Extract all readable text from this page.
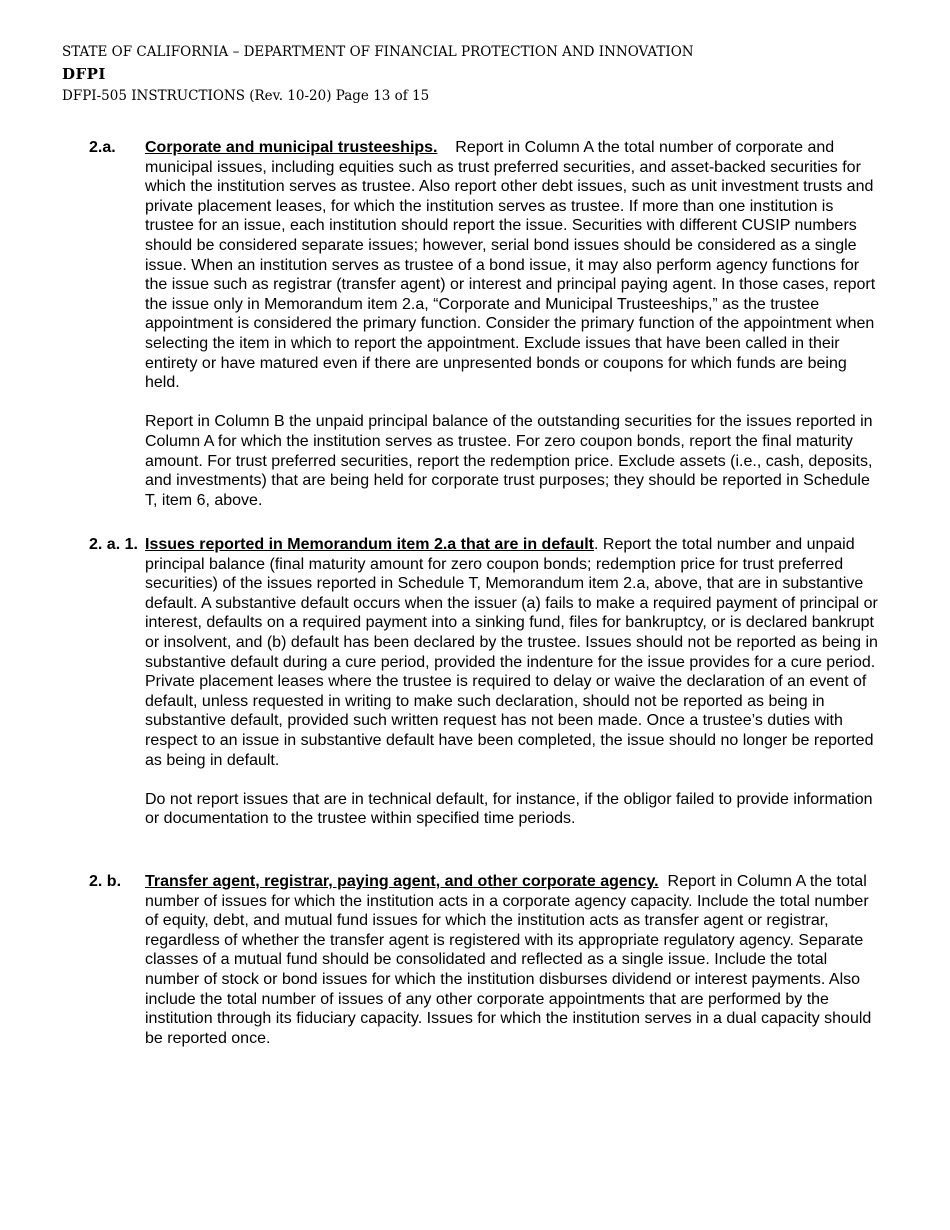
STATE OF CALIFORNIA – DEPARTMENT OF FINANCIAL PROTECTION AND INNOVATION
DFPI
DFPI-505 INSTRUCTIONS (Rev. 10-20) Page 13 of 15
2.a. Corporate and municipal trusteeships. Report in Column A the total number of corporate and municipal issues, including equities such as trust preferred securities, and asset-backed securities for which the institution serves as trustee. Also report other debt issues, such as unit investment trusts and private placement leases, for which the institution serves as trustee. If more than one institution is trustee for an issue, each institution should report the issue. Securities with different CUSIP numbers should be considered separate issues; however, serial bond issues should be considered as a single issue. When an institution serves as trustee of a bond issue, it may also perform agency functions for the issue such as registrar (transfer agent) or interest and principal paying agent. In those cases, report the issue only in Memorandum item 2.a, “Corporate and Municipal Trusteeships,” as the trustee appointment is considered the primary function. Consider the primary function of the appointment when selecting the item in which to report the appointment. Exclude issues that have been called in their entirety or have matured even if there are unpresented bonds or coupons for which funds are being held.
Report in Column B the unpaid principal balance of the outstanding securities for the issues reported in Column A for which the institution serves as trustee. For zero coupon bonds, report the final maturity amount. For trust preferred securities, report the redemption price. Exclude assets (i.e., cash, deposits, and investments) that are being held for corporate trust purposes; they should be reported in Schedule T, item 6, above.
2. a. 1. Issues reported in Memorandum item 2.a that are in default. Report the total number and unpaid principal balance (final maturity amount for zero coupon bonds; redemption price for trust preferred securities) of the issues reported in Schedule T, Memorandum item 2.a, above, that are in substantive default. A substantive default occurs when the issuer (a) fails to make a required payment of principal or interest, defaults on a required payment into a sinking fund, files for bankruptcy, or is declared bankrupt or insolvent, and (b) default has been declared by the trustee. Issues should not be reported as being in substantive default during a cure period, provided the indenture for the issue provides for a cure period. Private placement leases where the trustee is required to delay or waive the declaration of an event of default, unless requested in writing to make such declaration, should not be reported as being in substantive default, provided such written request has not been made. Once a trustee’s duties with respect to an issue in substantive default have been completed, the issue should no longer be reported as being in default.
Do not report issues that are in technical default, for instance, if the obligor failed to provide information or documentation to the trustee within specified time periods.
2. b. Transfer agent, registrar, paying agent, and other corporate agency. Report in Column A the total number of issues for which the institution acts in a corporate agency capacity. Include the total number of equity, debt, and mutual fund issues for which the institution acts as transfer agent or registrar, regardless of whether the transfer agent is registered with its appropriate regulatory agency. Separate classes of a mutual fund should be consolidated and reflected as a single issue. Include the total number of stock or bond issues for which the institution disburses dividend or interest payments. Also include the total number of issues of any other corporate appointments that are performed by the institution through its fiduciary capacity. Issues for which the institution serves in a dual capacity should be reported once.
